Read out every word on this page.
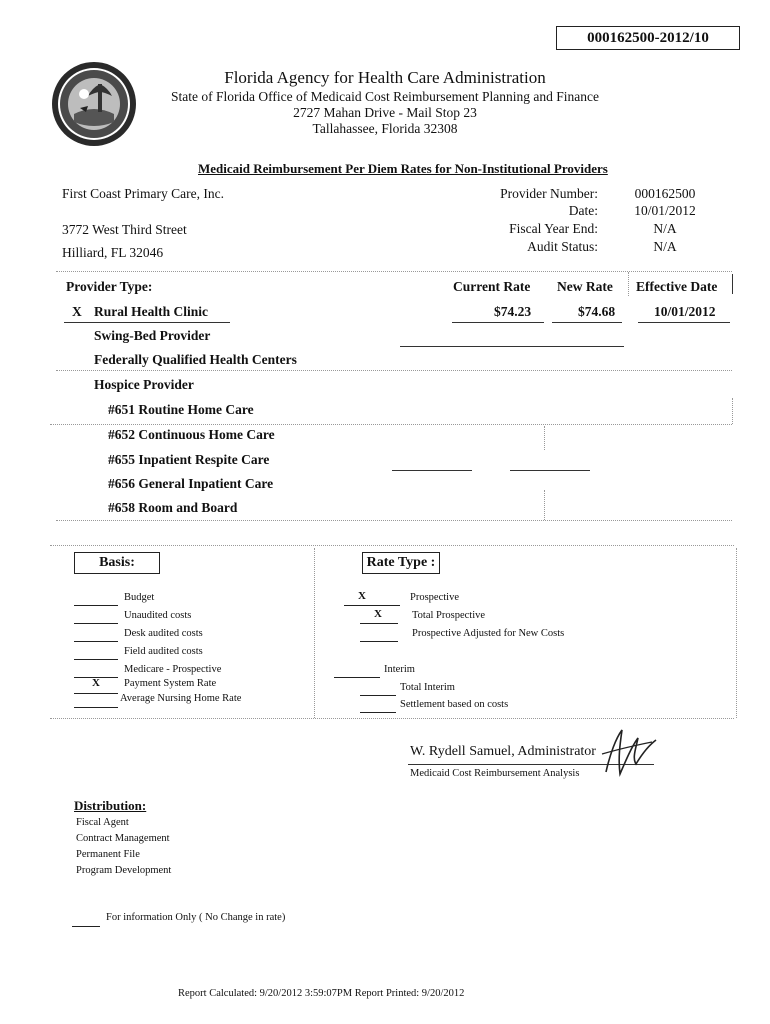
000162500-2012/10
Florida Agency for Health Care Administration
State of Florida Office of Medicaid Cost Reimbursement Planning and Finance
2727 Mahan Drive - Mail Stop 23
Tallahassee, Florida 32308
Medicaid Reimbursement Per Diem Rates for Non-Institutional Providers
First Coast Primary Care, Inc.
3772 West Third Street
Hilliard, FL 32046
Provider Number:	000162500
Date:	10/01/2012
Fiscal Year End:	N/A
Audit Status:	N/A
Provider Type:	Current Rate New Rate Effective Date
X Rural Health Clinic	$74.23	$74.68	10/01/2012
Swing-Bed Provider
Federally Qualified Health Centers
Hospice Provider
#651 Routine Home Care
#652 Continuous Home Care
#655 Inpatient Respite Care
#656 General Inpatient Care
#658 Room and Board
Basis:	Rate Type :
Budget
Unaudited costs
Desk audited costs
Field audited costs
Medicare - Prospective
X Payment System Rate
Average Nursing Home Rate
X	Prospective
X	Total Prospective
Prospective Adjusted for New Costs
Interim
Total Interim
Settlement based on costs
W. Rydell Samuel, Administrator
Medicaid Cost Reimbursement Analysis
Distribution:
Fiscal Agent
Contract Management
Permanent File
Program Development
For information Only ( No Change in rate)
Report Calculated: 9/20/2012 3:59:07PM Report Printed: 9/20/2012
